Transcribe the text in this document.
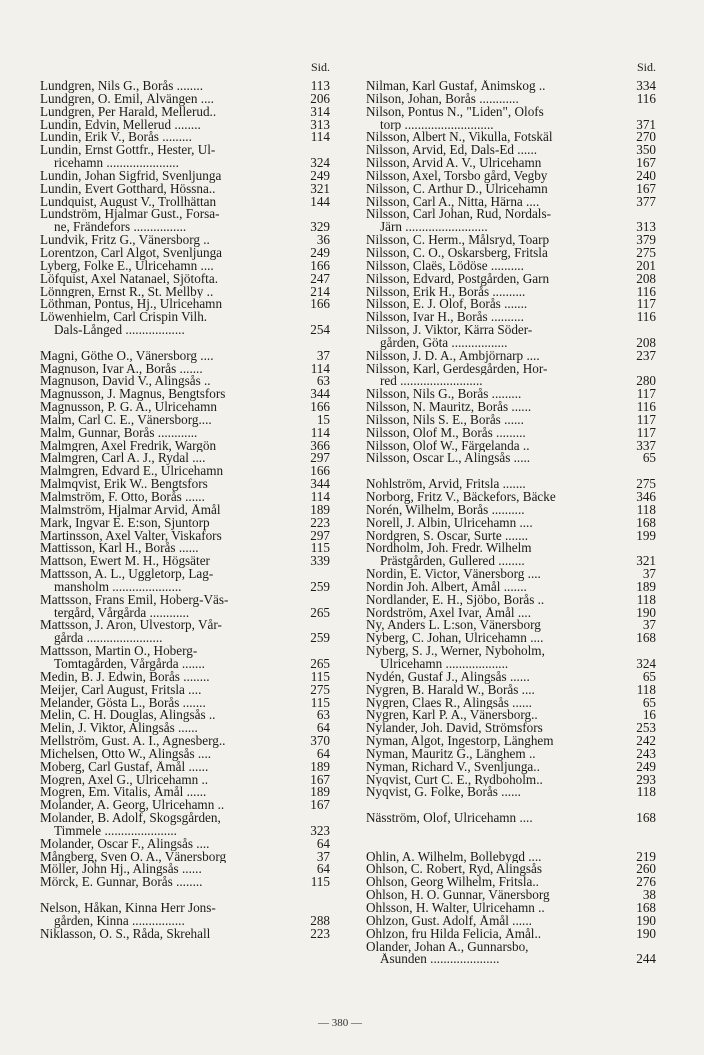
Sid.
Lundgren, Nils G., Borås ........	113
Lundgren, O. Emil, Älvängen ....	206
Lundgren, Per Harald, Mellerud..	314
Lundin, Edvin, Mellerud ........	313
Lundin, Erik V., Borås .........	114
Lundin, Ernst Gottfr., Hester, Ul-
ricehamn ......................	324
Lundin, Johan Sigfrid, Svenljunga	249
Lundin, Evert Gotthard, Hössna..	321
Lundquist, August V., Trollhättan	144
Lundström, Hjalmar Gust., Forsa-
ne, Frändefors ................	329
Lundvik, Fritz G., Vänersborg ..	36
Lorentzon, Carl Algot, Svenljunga	249
Lyberg, Folke E., Ulricehamn ....	166
Löfquist, Axel Natanael, Sjötofta.	247
Lönngren, Ernst R., St. Mellby ..	214
Löthman, Pontus, Hj., Ulricehamn	166
Löwenhielm, Carl Crispin Vilh.
Dals-Långed ..................	254
Magni, Göthe O., Vänersborg ....	37
Magnuson, Ivar A., Borås .......	114
Magnuson, David V., Alingsås ..	63
Magnusson, J. Magnus, Bengtsfors	344
Magnusson, P. G. A., Ulricehamn	166
Malm, Carl C. E., Vänersborg....	15
Malm, Gunnar, Borås ............	114
Malmgren, Axel Fredrik, Wargön	366
Malmgren, Carl A. J., Rydal ....	297
Malmgren, Edvard E., Ulricehamn	166
Malmqvist, Erik W.. Bengtsfors	344
Malmström, F. Otto, Borås ......	114
Malmström, Hjalmar Arvid, Åmål	189
Mark, Ingvar E. E:son, Sjuntorp	223
Martinsson, Axel Valter, Viskafors	297
Mattisson, Karl H., Borås ......	115
Mattson, Ewert M. H., Högsäter	339
Mattsson, A. L., Uggletorp, Lag-
mansholm .....................	259
Mattsson, Frans Emil, Hoberg-Väs-
tergård, Vårgårda ............	265
Mattsson, J. Aron, Ulvestorp, Vår-
gårda .......................	259
Mattsson, Martin O., Hoberg-
Tomtagården, Vårgårda .......	265
Medin, B. J. Edwin, Borås ........	115
Meijer, Carl August, Fritsla ....	275
Melander, Gösta L., Borås .......	115
Melin, C. H. Douglas, Alingsås ..	63
Melin, J. Viktor, Alingsås ......	64
Mellström, Gust. A. I., Agnesberg..	370
Michelsen, Otto W., Alingsås ....	64
Moberg, Carl Gustaf, Åmål ......	189
Mogren, Axel G., Ulricehamn ..	167
Mogren, Em. Vitalis, Åmål ......	189
Molander, A. Georg, Ulricehamn ..	167
Molander, B. Adolf, Skogsgården,
Timmele ......................	323
Molander, Oscar F., Alingsås ....	64
Mångberg, Sven O. A., Vänersborg	37
Möller, John Hj., Alingsås ......	64
Mörck, E. Gunnar, Borås ........	115
Nelson, Håkan, Kinna Herr Jons-
gården, Kinna ................	288
Niklasson, O. S., Råda, Skrehall	223
Sid.
Nilman, Karl Gustaf, Ånimskog ..	334
Nilson, Johan, Borås ............	116
Nilson, Pontus N., "Liden", Olofs
torp ...........................	371
Nilsson, Albert N., Vikulla, Fotskäl	270
Nilsson, Arvid, Ed, Dals-Ed ......	350
Nilsson, Arvid A. V., Ulricehamn	167
Nilsson, Axel, Torsbo gård, Vegby	240
Nilsson, C. Arthur D., Ulricehamn	167
Nilsson, Carl A., Nitta, Härna ....	377
Nilsson, Carl Johan, Rud, Nordals-
Järn .........................	313
Nilsson, C. Herm., Målsryd, Toarp	379
Nilsson, C. O., Oskarsberg, Fritsla	275
Nilsson, Claës, Lödöse ..........	201
Nilsson, Edvard, Postgården, Garn	208
Nilsson, Erik H., Borås ..........	116
Nilsson, E. J. Olof, Borås .......	117
Nilsson, Ivar H., Borås ..........	116
Nilsson, J. Viktor, Kärra Söder-
gården, Göta .................	208
Nilsson, J. D. A., Ambjörnarp ....	237
Nilsson, Karl, Gerdesgården, Hor-
red .........................	280
Nilsson, Nils G., Borås .........	117
Nilsson, N. Mauritz, Borås ......	116
Nilsson, Nils S. E., Borås ......	117
Nilsson, Olof M., Borås .........	117
Nilsson, Olof W., Färgelanda ..	337
Nilsson, Oscar L., Alingsås .....	65
Nohlström, Arvid, Fritsla .......	275
Norborg, Fritz V., Bäckefors, Bäcke	346
Norén, Wilhelm, Borås ..........	118
Norell, J. Albin, Ulricehamn ....	168
Nordgren, S. Oscar, Surte .......	199
Nordholm, Joh. Fredr. Wilhelm
Prästgården, Gullered ........	321
Nordin, E. Victor, Vänersborg ....	37
Nordin Joh. Albert, Åmål .......	189
Nordlander, E. H., Sjöbo, Borås ..	118
Nordström, Axel Ivar, Åmål ....	190
Ny, Anders L. L:son, Vänersborg	37
Nyberg, C. Johan, Ulricehamn ....	168
Nyberg, S. J., Werner, Nyboholm,
Ulricehamn ...................	324
Nydén, Gustaf J., Alingsås ......	65
Nygren, B. Harald W., Borås ....	118
Nygren, Claes R., Alingsås ......	65
Nygren, Karl P. A., Vänersborg..	16
Nylander, Joh. David, Strömsfors	253
Nyman, Algot, Ingestorp, Länghem	242
Nyman, Mauritz G., Länghem ..	243
Nyman, Richard V., Svenljunga..	249
Nyqvist, Curt C. E., Rydboholm..	293
Nyqvist, G. Folke, Borås ......	118
Näsström, Olof, Ulricehamn ....	168
Ohlin, A. Wilhelm, Bollebygd ....	219
Ohlson, C. Robert, Ryd, Alingsås	260
Ohlson, Georg Wilhelm, Fritsla..	276
Ohlson, H. O. Gunnar, Vänersborg	38
Ohlsson, H. Walter, Ulricehamn ..	168
Ohlzon, Gust. Adolf, Åmål ......	190
Ohlzon, fru Hilda Felicia, Åmål..	190
Olander, Johan A., Gunnarsbo,
Åsunden .....................	244
— 380 —
